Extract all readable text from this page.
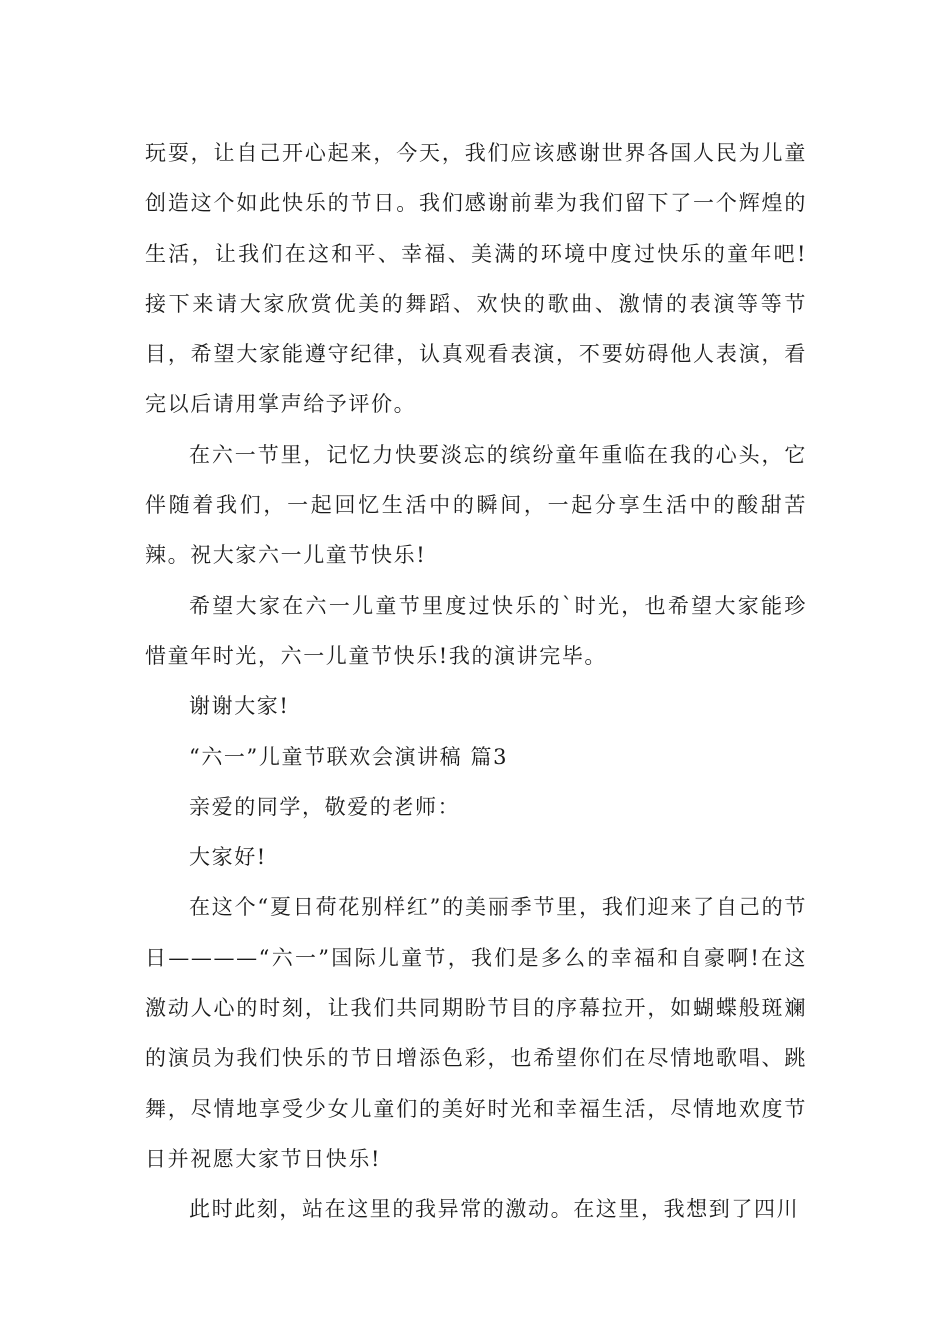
玩耍，让自己开心起来，今天，我们应该感谢世界各国人民为儿童创造这个如此快乐的节日。我们感谢前辈为我们留下了一个辉煌的生活，让我们在这和平、幸福、美满的环境中度过快乐的童年吧!接下来请大家欣赏优美的舞蹈、欢快的歌曲、激情的表演等等节目，希望大家能遵守纪律，认真观看表演，不要妨碍他人表演，看完以后请用掌声给予评价。

在六一节里，记忆力快要淡忘的缤纷童年重临在我的心头，它伴随着我们，一起回忆生活中的瞬间，一起分享生活中的酸甜苦辣。祝大家六一儿童节快乐!

希望大家在六一儿童节里度过快乐的`时光，也希望大家能珍惜童年时光，六一儿童节快乐!我的演讲完毕。

谢谢大家!

“六一”儿童节联欢会演讲稿 篇3

亲爱的同学，敬爱的老师：

大家好!

在这个“夏日荷花别样红”的美丽季节里，我们迎来了自己的节日————“六一”国际儿童节，我们是多么的幸福和自豪啊!在这激动人心的时刻，让我们共同期盼节目的序幕拉开，如蝴蝶般斑斓的演员为我们快乐的节日增添色彩，也希望你们在尽情地歌唱、跳舞，尽情地享受少女儿童们的美好时光和幸福生活，尽情地欢度节日并祝愿大家节日快乐!

此时此刻，站在这里的我异常的激动。在这里，我想到了四川
